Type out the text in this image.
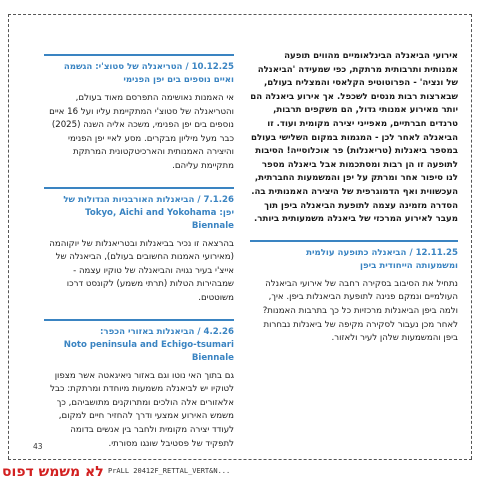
אירועי הביאנלה הבינלאומיים מהווים תופעה אמנותית ותרבותית מרתקת, כפי שמעידה 'הביאנלה של ונציה' - הפרוטוטיפ הקלאסי והמצליח בעולם, שבארצות רבות מנסים לשכפל. אך אירוע ביאנלה הם יותר מאירוע אמנותי גדול, הם משקפים תרבות, טרנדים חברתיים, מאפייני יצירה מקומית ועוד. זו הביאנלה לאחר לכן - המגמות במקום השלישי בעולם במספר ביאנלות (טריאנלות) פר אוכלוסייה! הסיבות לתופעה זו הן רבות ומסתכמות אבל ביאנלה מספר לנו סיפור אחר ומרתק על יפן והמשמעות החברתית, העכשווית ואף הדמוגרפית של היצירה האמנותית בה. הסדרה מזמינה עצמה לתופעת הביאנלה ביפן תוך מעבר לאירוע המרכזי של ביאנלה משמעותית ביותר.
12.11.25 / הביאנלה כתופעה עולמית
ומשמעותה הייחודית ביפן
נתחיל את הסיבוב בסקירה רחבה של אירועי הביאנלה העולמיים ונמקם פנינה לתופעת הביאנלות ביפן. איך, ולמה ביפן הביאנלות מרכזיות כל כך בתרבות האמנות? לאחר מכן נעבור לסקירה מקיפה של ביאנלות נבחרות ביפן והמשמעות שלהן לעיר ולאזור.
10.12.25 / הטריאנלה של סטוצ'י: הגשמה
ואיים נוספים בים יפן הפנימי
אי האמנות נאושימה התפרסם מאוד בעולם, והטריאנלה של סטוצ'י המתקיימת עליו ועל 16 איים נוספים בים יפן הפנימי, משכה אליה השנה (2025) כבר מעל מיליון מבקרים. מסע לאיי יפן הפנימי והיצירה האמנותית והארכיטקטונית המרתקת מתקיימת עליהם.
7.1.26 / הביאנלות האורבניות הגדולות של
יפן: Tokyo, Aichi and Yokohama Biennale
בהרצאה זו נכיר בביאנלות ובטריאנלות של יוקוהמה (מאירועי האמנות החשובים בעולם), הביאנלה של אייצ'י בעיר נגויה והביאנלה של טוקיו עצמה - שמבהירות הטלות (תרתי משמע) לקונסט דרכו משוטטים.
4.2.26 / הביאנלות באזורי הכפר:
Noto peninsula and Echigo-tsumari Biennale
גם בתוך האי נוטו וגם באזור ניאיגאטה אשר מצפון לטוקיו יש לביאנלה משמעות מיוחדת ומרתקת: כבל אלאזורים אלה הולכים ומתרוקנים מתושביהם, כך משמש האירוע אמצעי ודרך להחזיר חיים למקום, לעודד יצירה מקומית ולחבר בין אנשים בדומה לתפקיד של פסטיבל שונגו מסורתי.
43
לא משמש דפוס PrALL 20412F_RETTAL_VERT&N...
